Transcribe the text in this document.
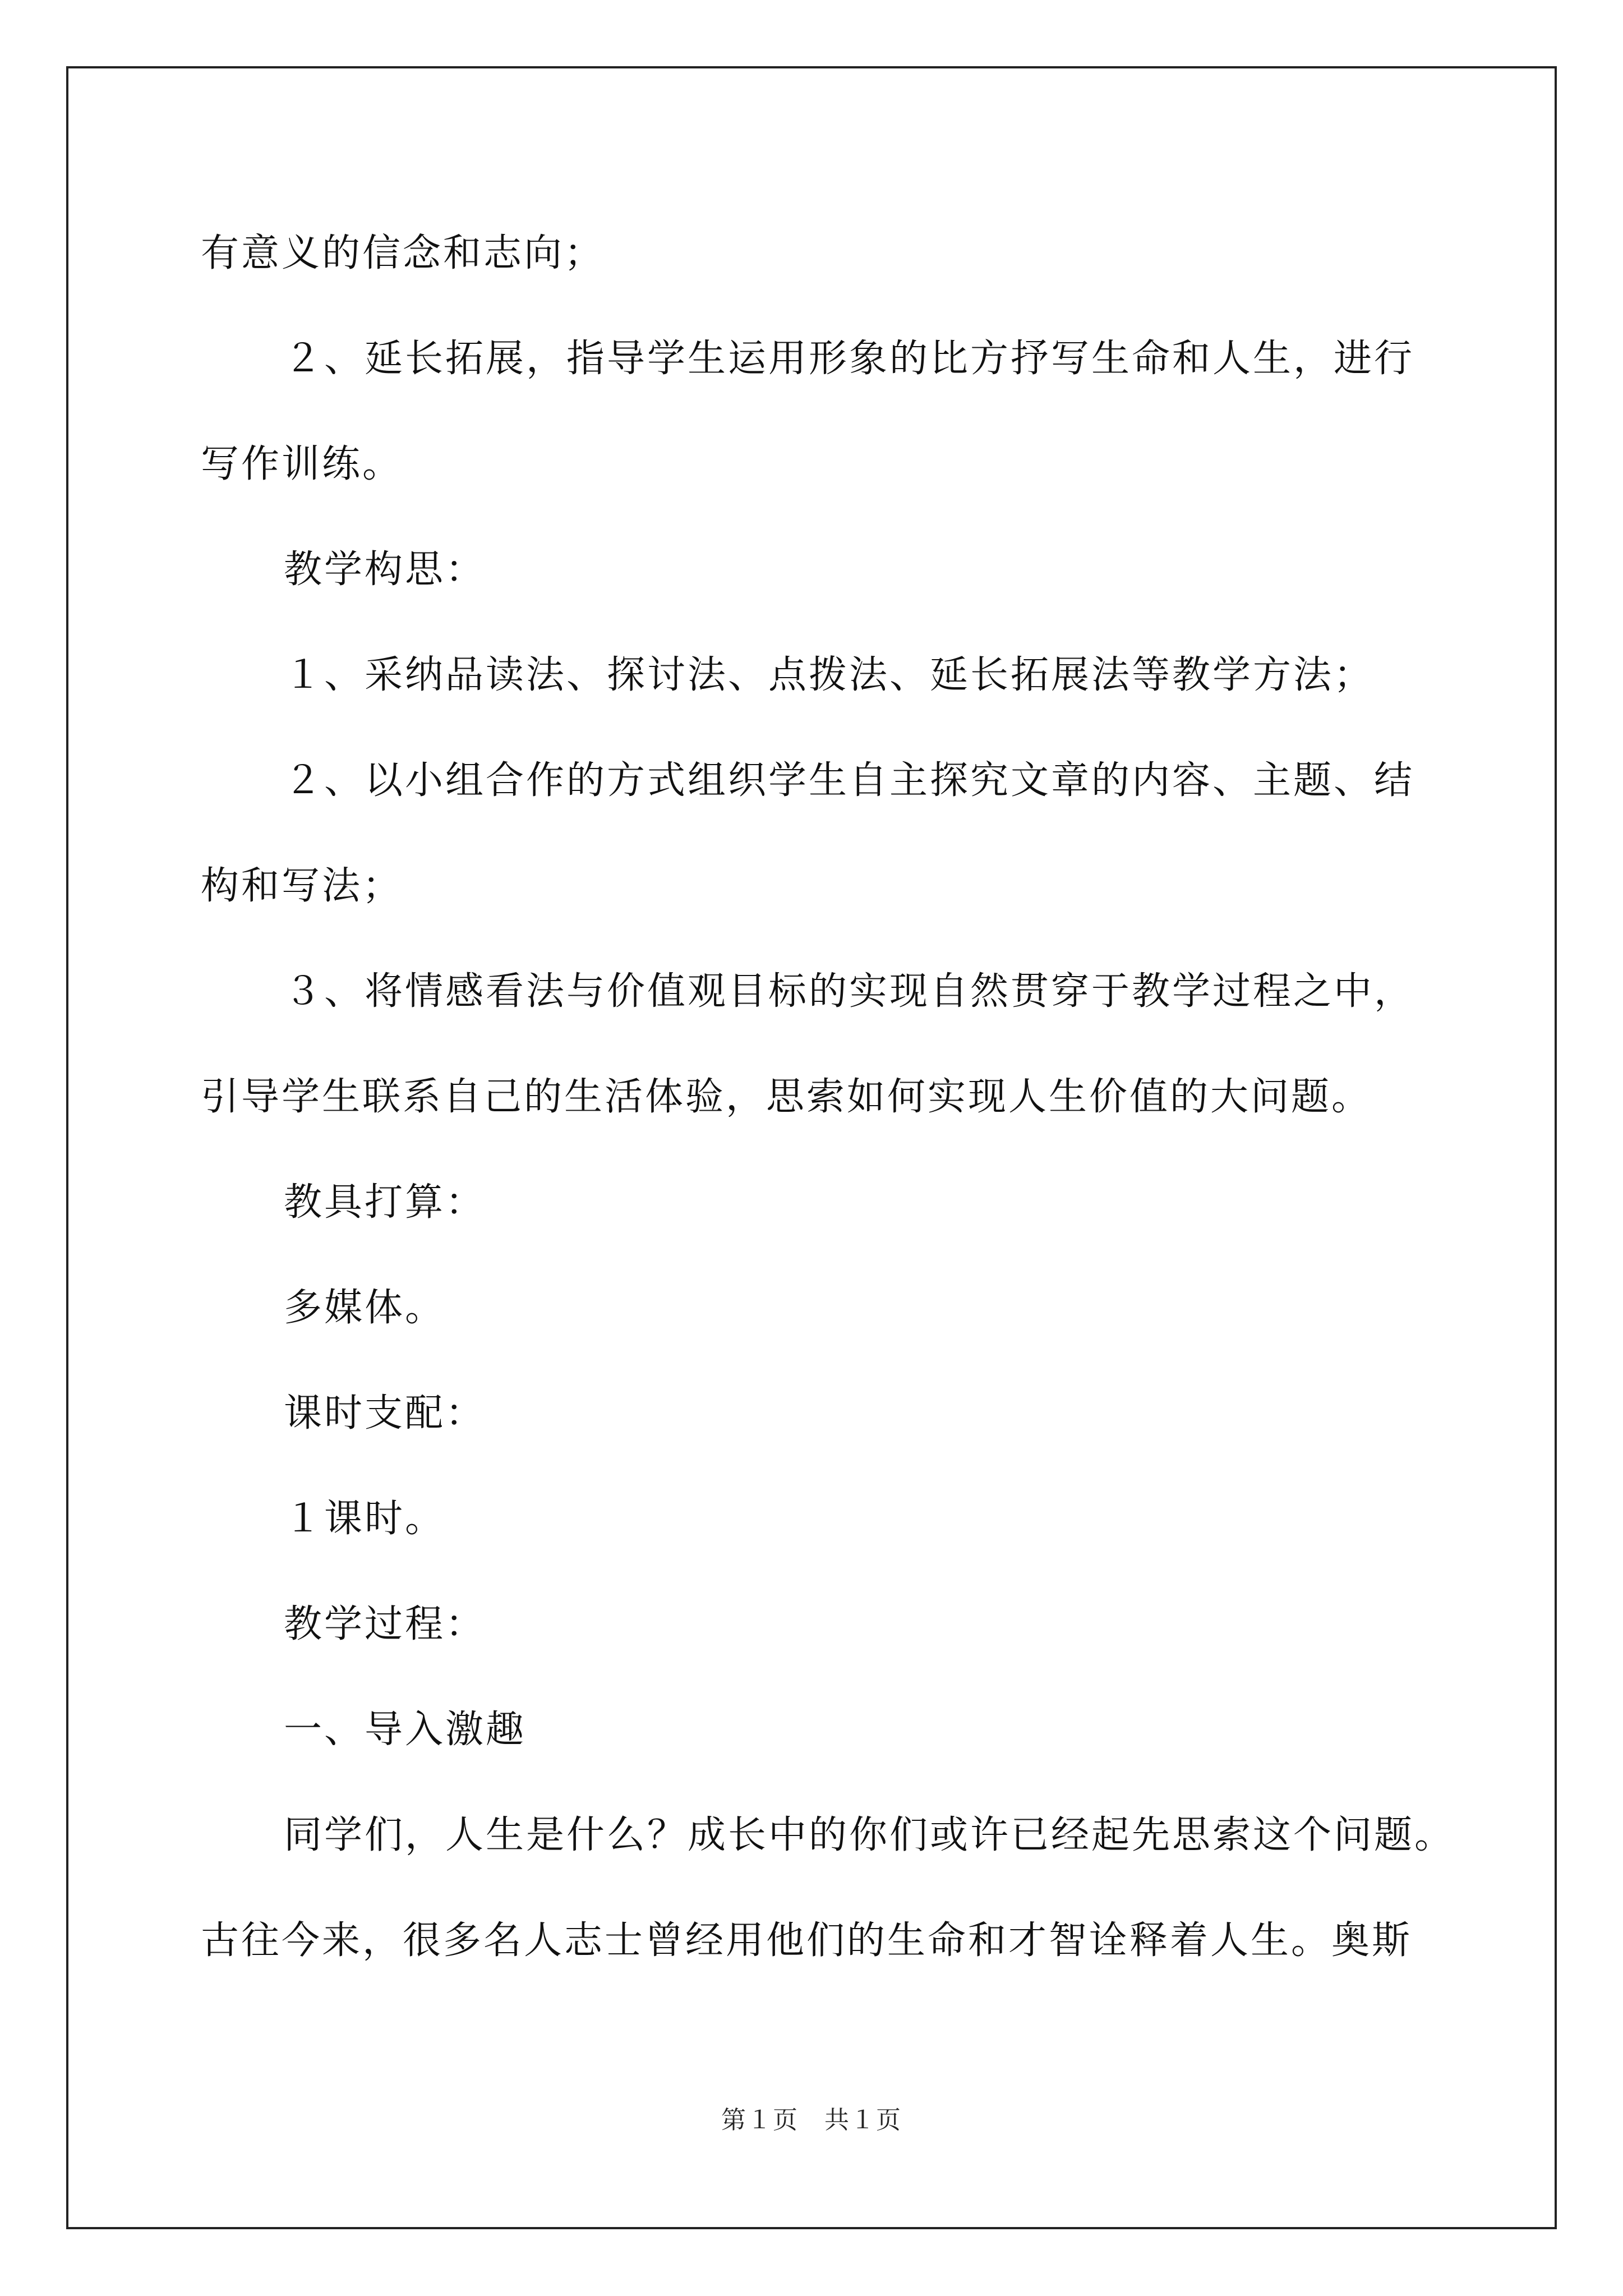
有意义的信念和志向；
２、延长拓展，指导学生运用形象的比方抒写生命和人生，进行
写作训练。
教学构思：
１、采纳品读法、探讨法、点拨法、延长拓展法等教学方法；
２、以小组合作的方式组织学生自主探究文章的内容、主题、结
构和写法；
３、将情感看法与价值观目标的实现自然贯穿于教学过程之中，
引导学生联系自己的生活体验，思索如何实现人生价值的大问题。
教具打算：
多媒体。
课时支配：
１课时。
教学过程：
一、导入激趣
同学们，人生是什么？成长中的你们或许已经起先思索这个问题。
古往今来，很多名人志士曾经用他们的生命和才智诠释着人生。奥斯
第１页　共１页
